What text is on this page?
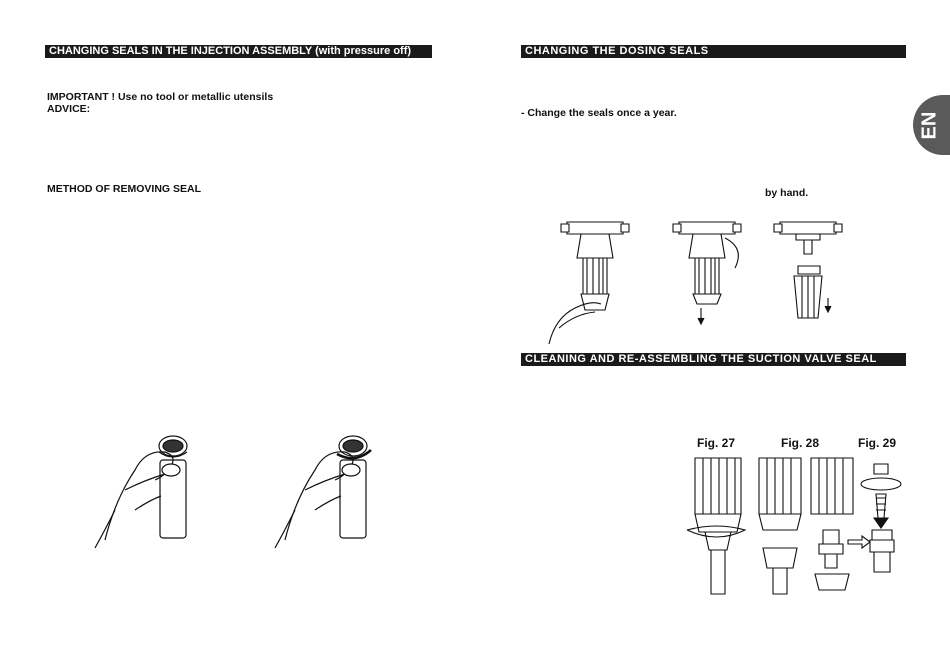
CHANGING SEALS IN THE INJECTION ASSEMBLY (with pressure off)
IMPORTANT ! Use no tool or metallic utensils
ADVICE:
METHOD OF REMOVING SEAL
CHANGING THE DOSING SEALS
- Change the seals once a year.
by hand.
CLEANING AND RE-ASSEMBLING THE SUCTION VALVE SEAL
Fig. 27	Fig. 28	Fig. 29
EN
